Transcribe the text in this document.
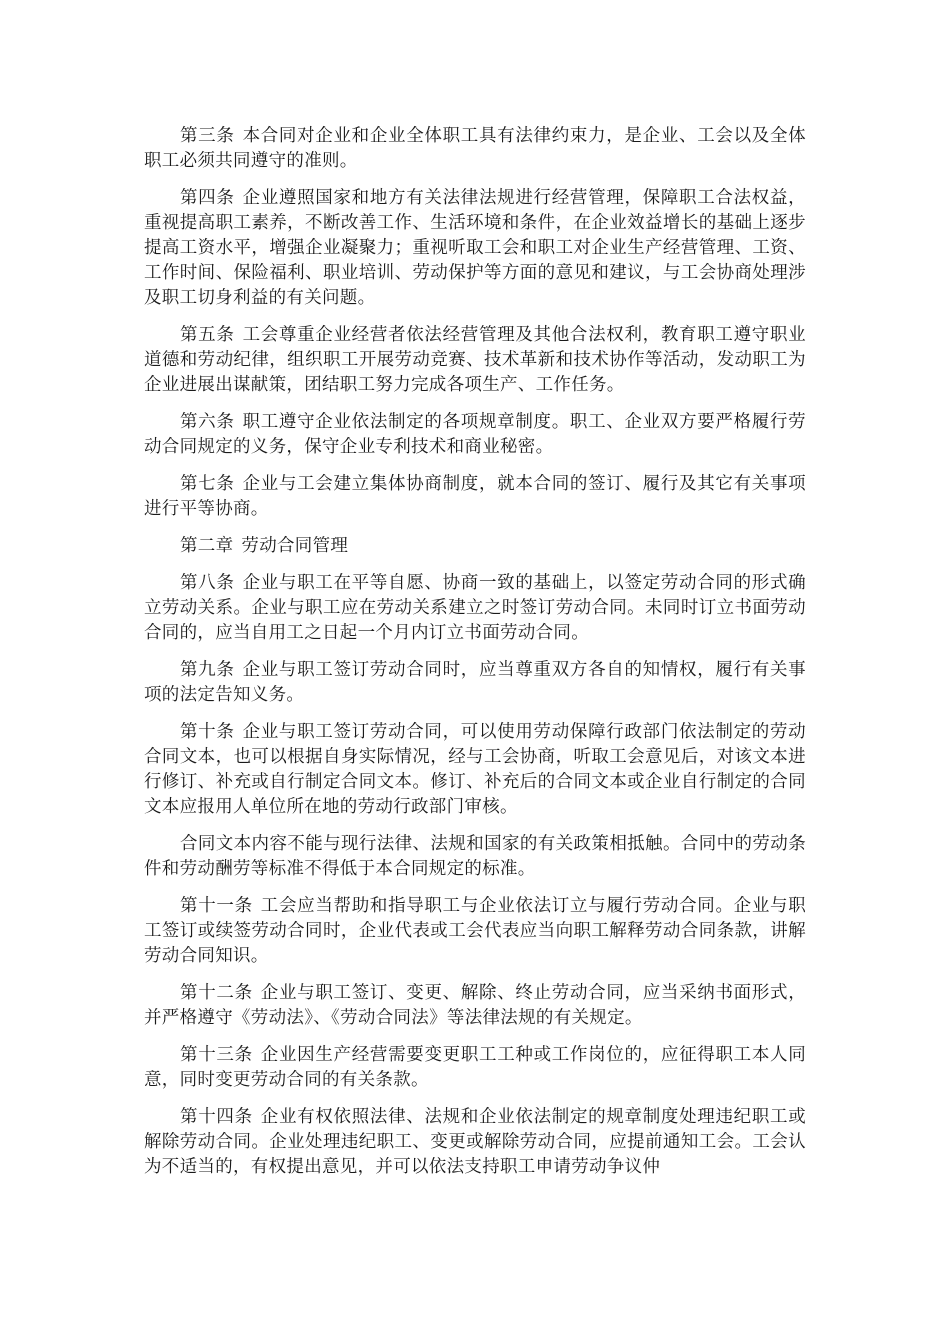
第三条 本合同对企业和企业全体职工具有法律约束力，是企业、工会以及全体职工必须共同遵守的准则。

第四条 企业遵照国家和地方有关法律法规进行经营管理，保障职工合法权益，重视提高职工素养，不断改善工作、生活环境和条件，在企业效益增长的基础上逐步提高工资水平，增强企业凝聚力；重视听取工会和职工对企业生产经营管理、工资、工作时间、保险福利、职业培训、劳动保护等方面的意见和建议，与工会协商处理涉及职工切身利益的有关问题。

第五条 工会尊重企业经营者依法经营管理及其他合法权利，教育职工遵守职业道德和劳动纪律，组织职工开展劳动竞赛、技术革新和技术协作等活动，发动职工为企业进展出谋献策，团结职工努力完成各项生产、工作任务。

第六条 职工遵守企业依法制定的各项规章制度。职工、企业双方要严格履行劳动合同规定的义务，保守企业专利技术和商业秘密。

第七条 企业与工会建立集体协商制度，就本合同的签订、履行及其它有关事项进行平等协商。

第二章 劳动合同管理

第八条 企业与职工在平等自愿、协商一致的基础上，以签定劳动合同的形式确立劳动关系。企业与职工应在劳动关系建立之时签订劳动合同。未同时订立书面劳动合同的，应当自用工之日起一个月内订立书面劳动合同。

第九条 企业与职工签订劳动合同时，应当尊重双方各自的知情权，履行有关事项的法定告知义务。

第十条 企业与职工签订劳动合同，可以使用劳动保障行政部门依法制定的劳动合同文本，也可以根据自身实际情况，经与工会协商，听取工会意见后，对该文本进行修订、补充或自行制定合同文本。修订、补充后的合同文本或企业自行制定的合同文本应报用人单位所在地的劳动行政部门审核。

合同文本内容不能与现行法律、法规和国家的有关政策相抵触。合同中的劳动条件和劳动酬劳等标准不得低于本合同规定的标准。

第十一条 工会应当帮助和指导职工与企业依法订立与履行劳动合同。企业与职工签订或续签劳动合同时，企业代表或工会代表应当向职工解释劳动合同条款，讲解劳动合同知识。

第十二条 企业与职工签订、变更、解除、终止劳动合同，应当采纳书面形式，并严格遵守《劳动法》、《劳动合同法》等法律法规的有关规定。

第十三条 企业因生产经营需要变更职工工种或工作岗位的，应征得职工本人同意，同时变更劳动合同的有关条款。

第十四条 企业有权依照法律、法规和企业依法制定的规章制度处理违纪职工或解除劳动合同。企业处理违纪职工、变更或解除劳动合同，应提前通知工会。工会认为不适当的，有权提出意见，并可以依法支持职工申请劳动争议仲
